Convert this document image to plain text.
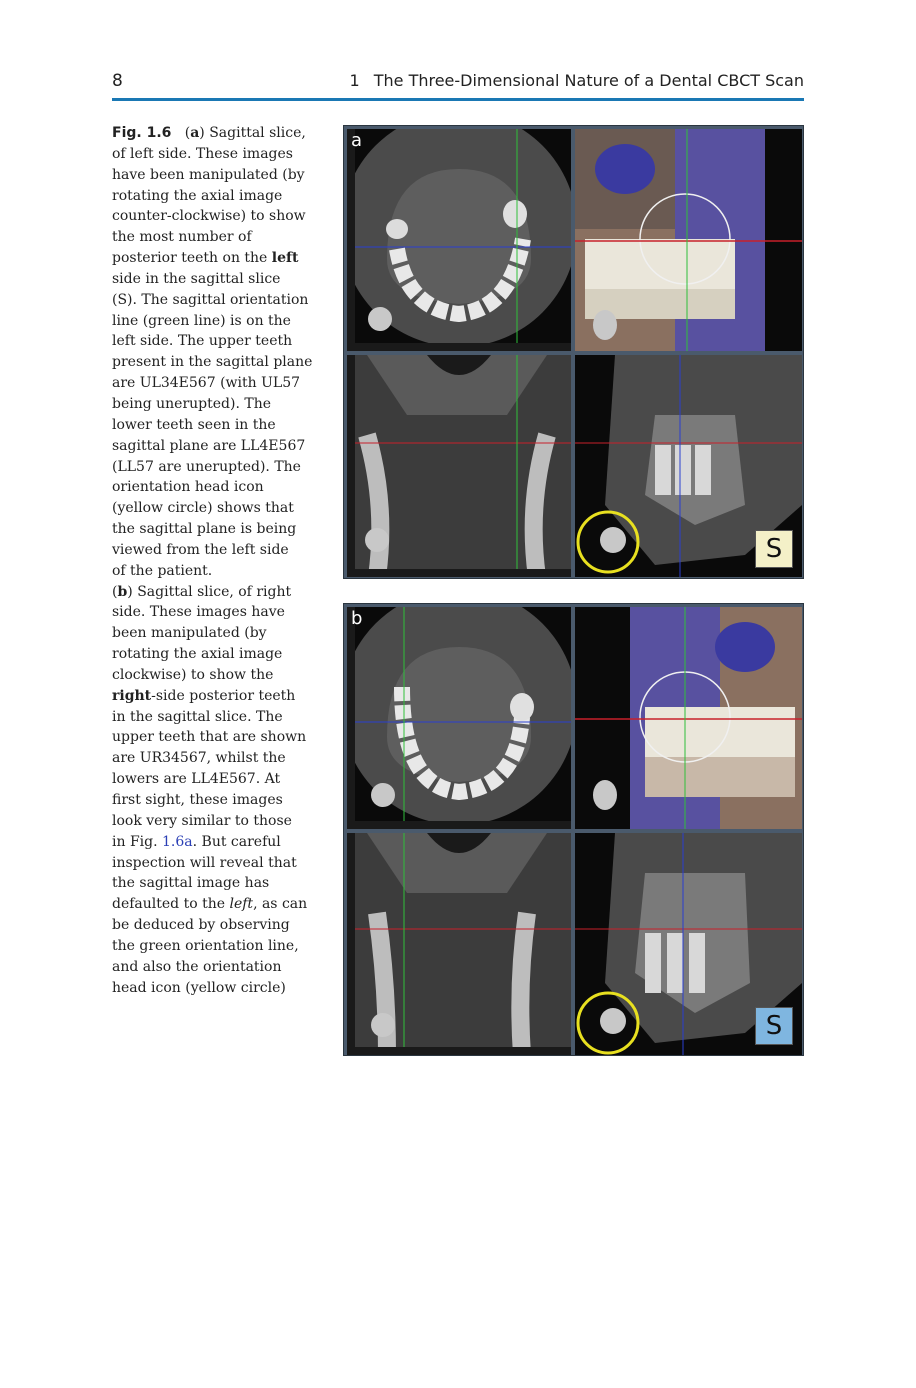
8	1 The Three-Dimensional Nature of a Dental CBCT Scan
Fig. 1.6   (a) Sagittal slice,
of left side. These images
have been manipulated (by
rotating the axial image
counter-clockwise) to show
the most number of
posterior teeth on the left
side in the sagittal slice
(S). The sagittal orientation
line (green line) is on the
left side. The upper teeth
present in the sagittal plane
are UL34E567 (with UL57
being unerupted). The
lower teeth seen in the
sagittal plane are LL4E567
(LL57 are unerupted). The
orientation head icon
(yellow circle) shows that
the sagittal plane is being
viewed from the left side
of the patient.
(b) Sagittal slice, of right
side. These images have
been manipulated (by
rotating the axial image
clockwise) to show the
right-side posterior teeth
in the sagittal slice. The
upper teeth that are shown
are UR34567, whilst the
lowers are LL4E567. At
first sight, these images
look very similar to those
in Fig. 1.6a. But careful
inspection will reveal that
the sagittal image has
defaulted to the left, as can
be deduced by observing
the green orientation line,
and also the orientation
head icon (yellow circle)
a
S
b
S
